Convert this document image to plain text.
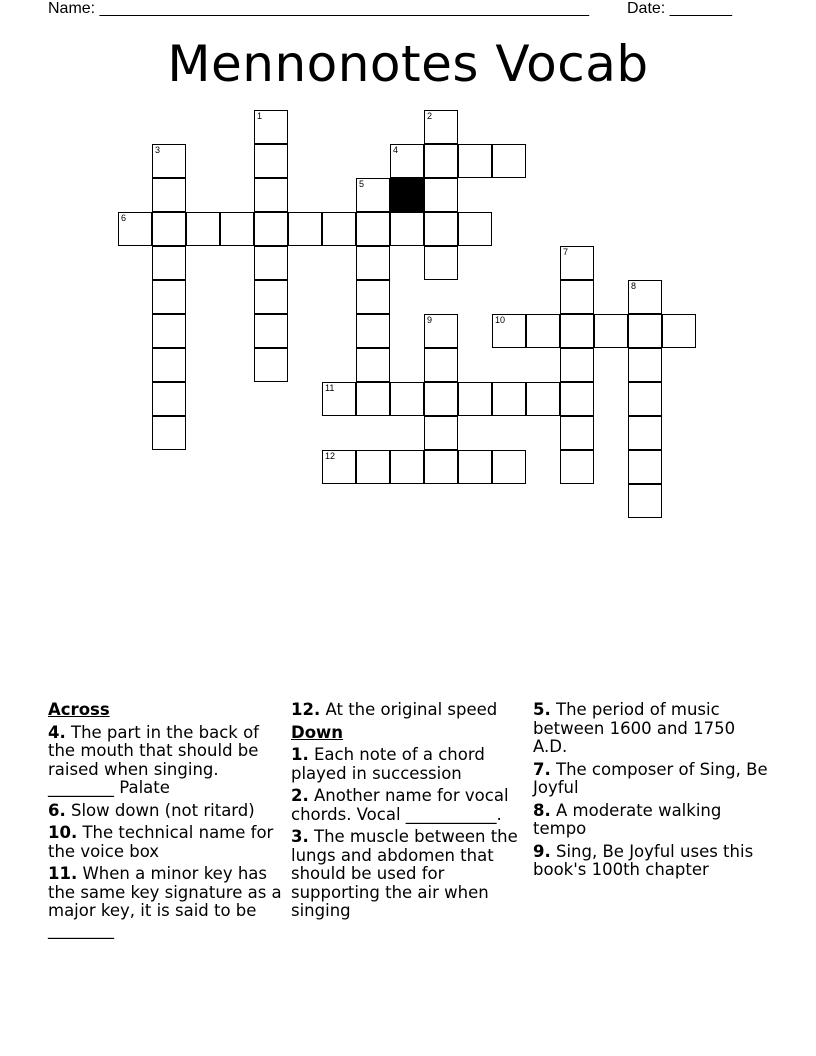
Name: _______________________________________________________ Date: _______
Mennonotes Vocab
1	2
3	4
5
6
7
8
9	10
11
12
Across
4. The part in the back of the mouth that should be raised when singing. ________ Palate
6. Slow down (not ritard)
10. The technical name for the voice box
11. When a minor key has the same key signature as a major key, it is said to be ________
12. At the original speed
Down
1. Each note of a chord played in succession
2. Another name for vocal chords. Vocal ___________.
3. The muscle between the lungs and abdomen that should be used for supporting the air when singing
5. The period of music between 1600 and 1750 A.D.
7. The composer of Sing, Be Joyful
8. A moderate walking tempo
9. Sing, Be Joyful uses this book's 100th chapter
